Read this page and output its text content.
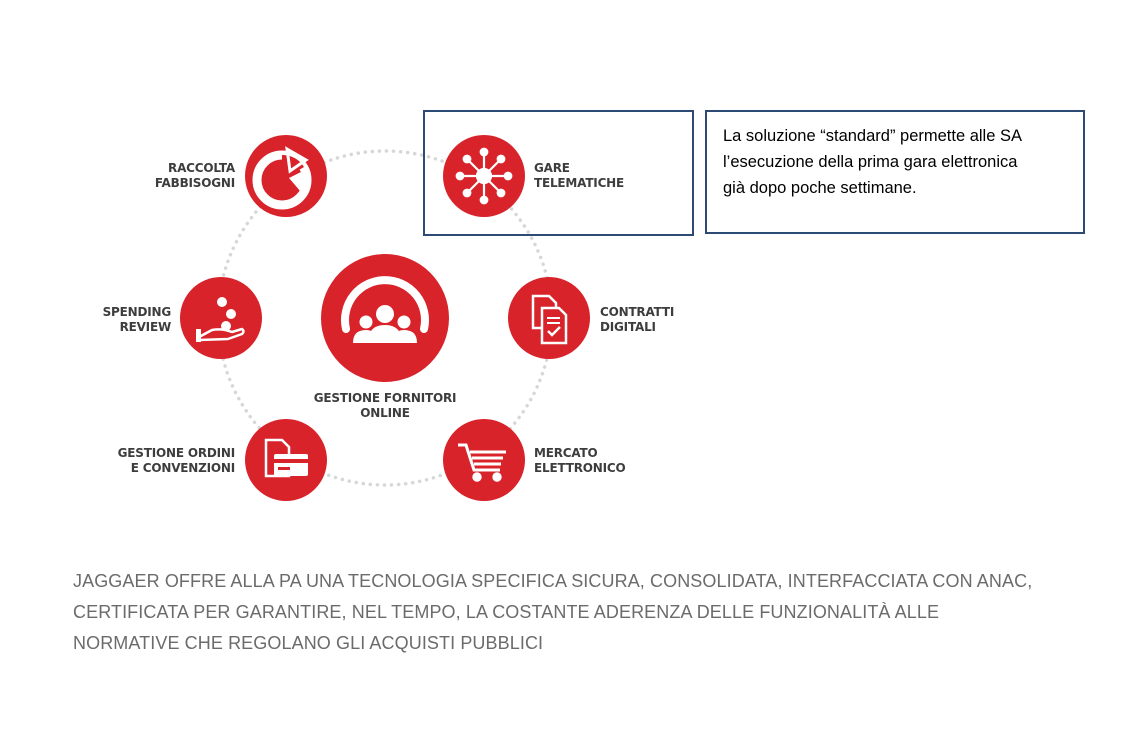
GESTIONE FORNITORI
ONLINE
RACCOLTA
FABBISOGNI
GARE
TELEMATICHE
CONTRATTI
DIGITALI
MERCATO
ELETTRONICO
GESTIONE ORDINI
E CONVENZIONI
SPENDING
REVIEW
La soluzione “standard” permette alle SA
l’esecuzione della prima gara elettronica
già dopo poche settimane.
JAGGAER OFFRE ALLA PA UNA TECNOLOGIA SPECIFICA SICURA, CONSOLIDATA, INTERFACCIATA CON ANAC,
CERTIFICATA PER GARANTIRE, NEL TEMPO, LA COSTANTE ADERENZA DELLE FUNZIONALITÀ ALLE
NORMATIVE CHE REGOLANO GLI ACQUISTI PUBBLICI
